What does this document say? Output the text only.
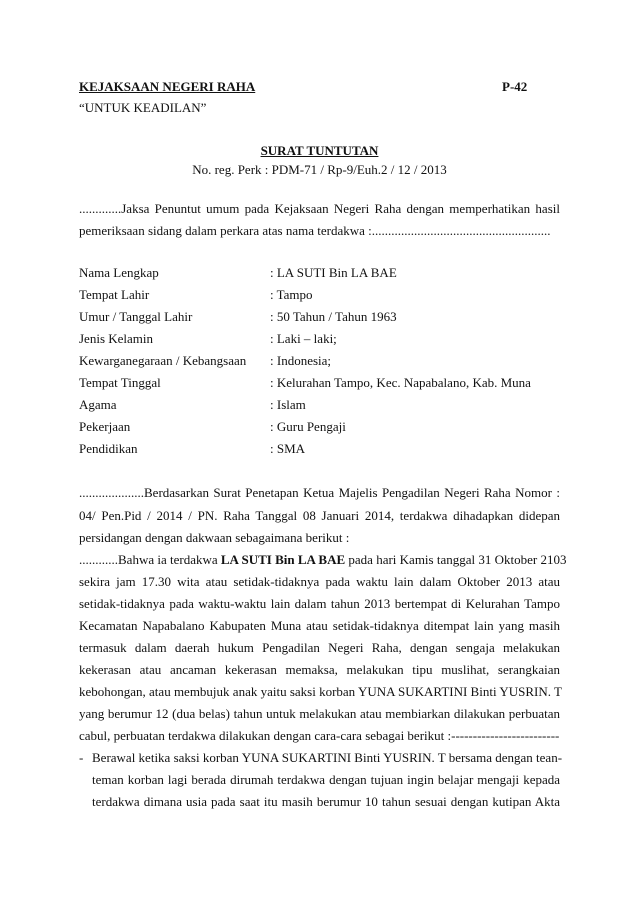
KEJAKSAAN NEGERI RAHA	P-42
“UNTUK KEADILAN”
SURAT TUNTUTAN
No. reg. Perk : PDM-71 / Rp-9/Euh.2 / 12 / 2013
.............Jaksa Penuntut umum pada Kejaksaan Negeri Raha dengan memperhatikan hasil
pemeriksaan sidang dalam perkara atas nama terdakwa :.......................................................
Nama Lengkap	: LA SUTI Bin LA BAE
Tempat Lahir	: Tampo
Umur / Tanggal Lahir	: 50 Tahun / Tahun 1963
Jenis Kelamin	: Laki – laki;
Kewarganegaraan / Kebangsaan : Indonesia;
Tempat Tinggal	: Kelurahan Tampo, Kec. Napabalano, Kab. Muna
Agama	: Islam
Pekerjaan	: Guru Pengaji
Pendidikan	: SMA
....................Berdasarkan Surat Penetapan Ketua Majelis Pengadilan Negeri Raha Nomor :
04/ Pen.Pid / 2014 / PN. Raha Tanggal 08 Januari 2014, terdakwa dihadapkan didepan
persidangan dengan dakwaan sebagaimana berikut :
............Bahwa ia terdakwa LA SUTI Bin LA BAE pada hari Kamis tanggal 31 Oktober 2103
sekira jam 17.30 wita atau setidak-tidaknya pada waktu lain dalam Oktober 2013 atau
setidak-tidaknya pada waktu-waktu lain dalam tahun 2013 bertempat di Kelurahan Tampo
Kecamatan Napabalano Kabupaten Muna atau setidak-tidaknya ditempat lain yang masih
termasuk dalam daerah hukum Pengadilan Negeri Raha, dengan sengaja melakukan
kekerasan atau ancaman kekerasan memaksa, melakukan tipu muslihat, serangkaian
kebohongan, atau membujuk anak yaitu saksi korban YUNA SUKARTINI Binti YUSRIN. T
yang berumur 12 (dua belas) tahun untuk melakukan atau membiarkan dilakukan perbuatan
cabul, perbuatan terdakwa dilakukan dengan cara-cara sebagai berikut :-------------------------
- Berawal ketika saksi korban YUNA SUKARTINI Binti YUSRIN. T bersama dengan tean-
teman korban lagi berada dirumah terdakwa dengan tujuan ingin belajar mengaji kepada
terdakwa dimana usia pada saat itu masih berumur 10 tahun sesuai dengan kutipan Akta
